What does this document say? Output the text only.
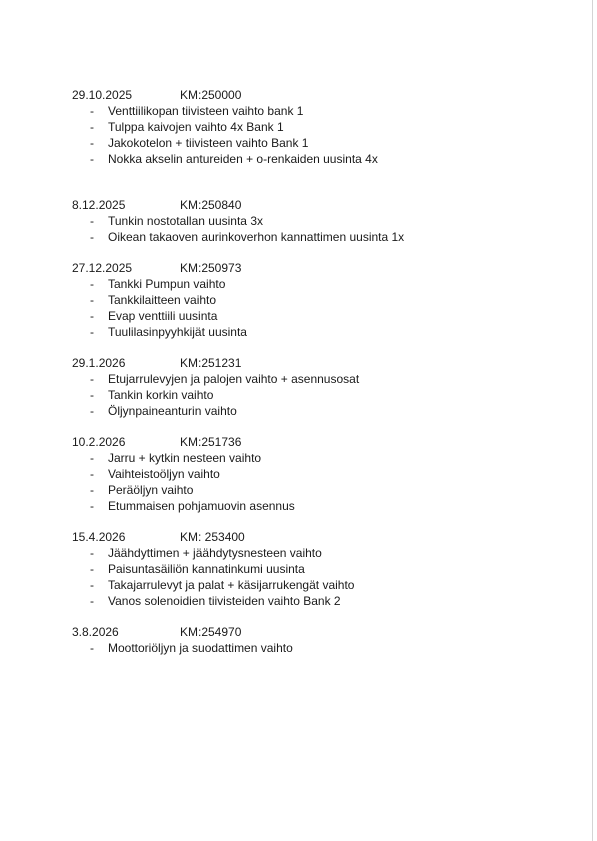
29.10.2025	KM:250000
-	Venttiilikopan tiivisteen vaihto bank 1
-	Tulppa kaivojen vaihto 4x Bank 1
-	Jakokotelon + tiivisteen vaihto Bank 1
-	Nokka akselin antureiden + o-renkaiden uusinta 4x
8.12.2025	KM:250840
-	Tunkin nostotallan uusinta 3x
-	Oikean takaoven aurinkoverhon kannattimen uusinta 1x
27.12.2025	KM:250973
-	Tankki Pumpun vaihto
-	Tankkilaitteen vaihto
-	Evap venttiili uusinta
-	Tuulilasinpyyhkijät uusinta
29.1.2026	KM:251231
-	Etujarrulevyjen ja palojen vaihto + asennusosat
-	Tankin korkin vaihto
-	Öljynpaineanturin vaihto
10.2.2026	KM:251736
-	Jarru + kytkin nesteen vaihto
-	Vaihteistoöljyn vaihto
-	Peräöljyn vaihto
-	Etummaisen pohjamuovin asennus
15.4.2026	KM: 253400
-	Jäähdyttimen + jäähdytysnesteen vaihto
-	Paisuntasäiliön kannatinkumi uusinta
-	Takajarrulevyt ja palat + käsijarrukengät vaihto
-	Vanos solenoidien tiivisteiden vaihto Bank 2
3.8.2026	KM:254970
-	Moottoriöljyn ja suodattimen vaihto
